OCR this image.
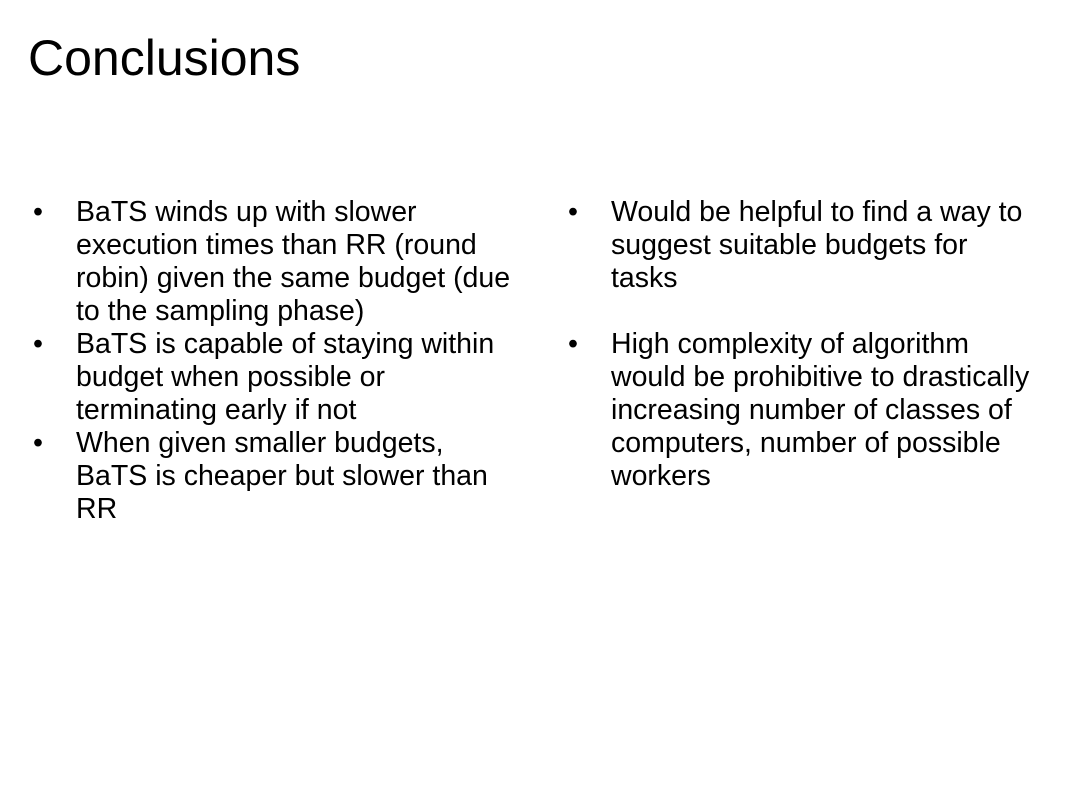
Conclusions
• BaTS winds up with slower execution times than RR (round robin) given the same budget (due to the sampling phase)
• BaTS is capable of staying within budget when possible or terminating early if not
• When given smaller budgets, BaTS is cheaper but slower than RR
• Would be helpful to find a way to suggest suitable budgets for tasks
• High complexity of algorithm would be prohibitive to drastically increasing number of classes of computers, number of possible workers
